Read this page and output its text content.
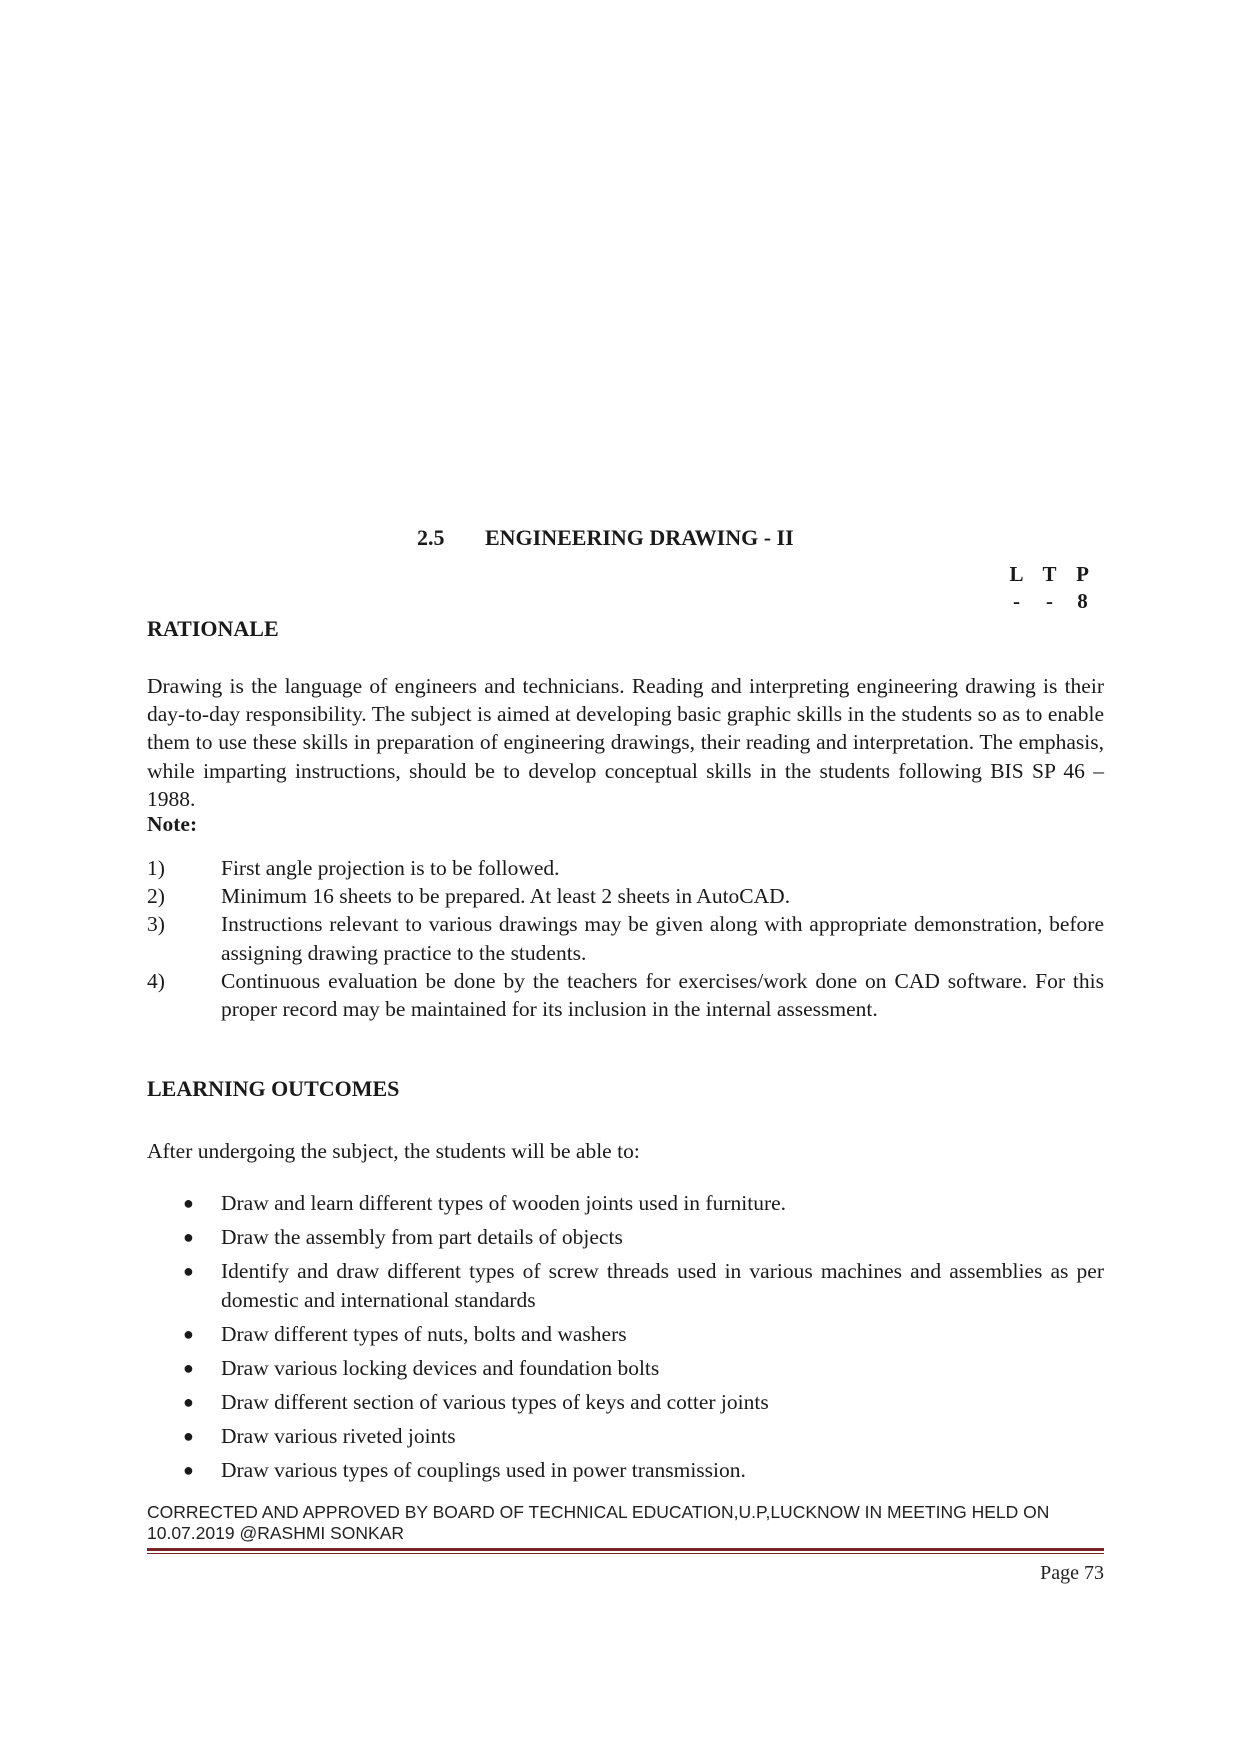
2.5 ENGINEERING DRAWING - II
L T P
- - 8
RATIONALE
Drawing is the language of engineers and technicians. Reading and interpreting engineering drawing is their day-to-day responsibility. The subject is aimed at developing basic graphic skills in the students so as to enable them to use these skills in preparation of engineering drawings, their reading and interpretation. The emphasis, while imparting instructions, should be to develop conceptual skills in the students following BIS SP 46 – 1988.
Note:
1)	First angle projection is to be followed.
2)	Minimum 16 sheets to be prepared. At least 2 sheets in AutoCAD.
3)	Instructions relevant to various drawings may be given along with appropriate demonstration, before assigning drawing practice to the students.
4)	Continuous evaluation be done by the teachers for exercises/work done on CAD software. For this proper record may be maintained for its inclusion in the internal assessment.
LEARNING OUTCOMES
After undergoing the subject, the students will be able to:
●	Draw and learn different types of wooden joints used in furniture.
●	Draw the assembly from part details of objects
●	Identify and draw different types of screw threads used in various machines and assemblies as per domestic and international standards
●	Draw different types of nuts, bolts and washers
●	Draw various locking devices and foundation bolts
●	Draw different section of various types of keys and cotter joints
●	Draw various riveted joints
●	Draw various types of couplings used in power transmission.
CORRECTED AND APPROVED BY BOARD OF TECHNICAL EDUCATION,U.P,LUCKNOW IN MEETING HELD ON
10.07.2019 @RASHMI SONKAR
Page 73
